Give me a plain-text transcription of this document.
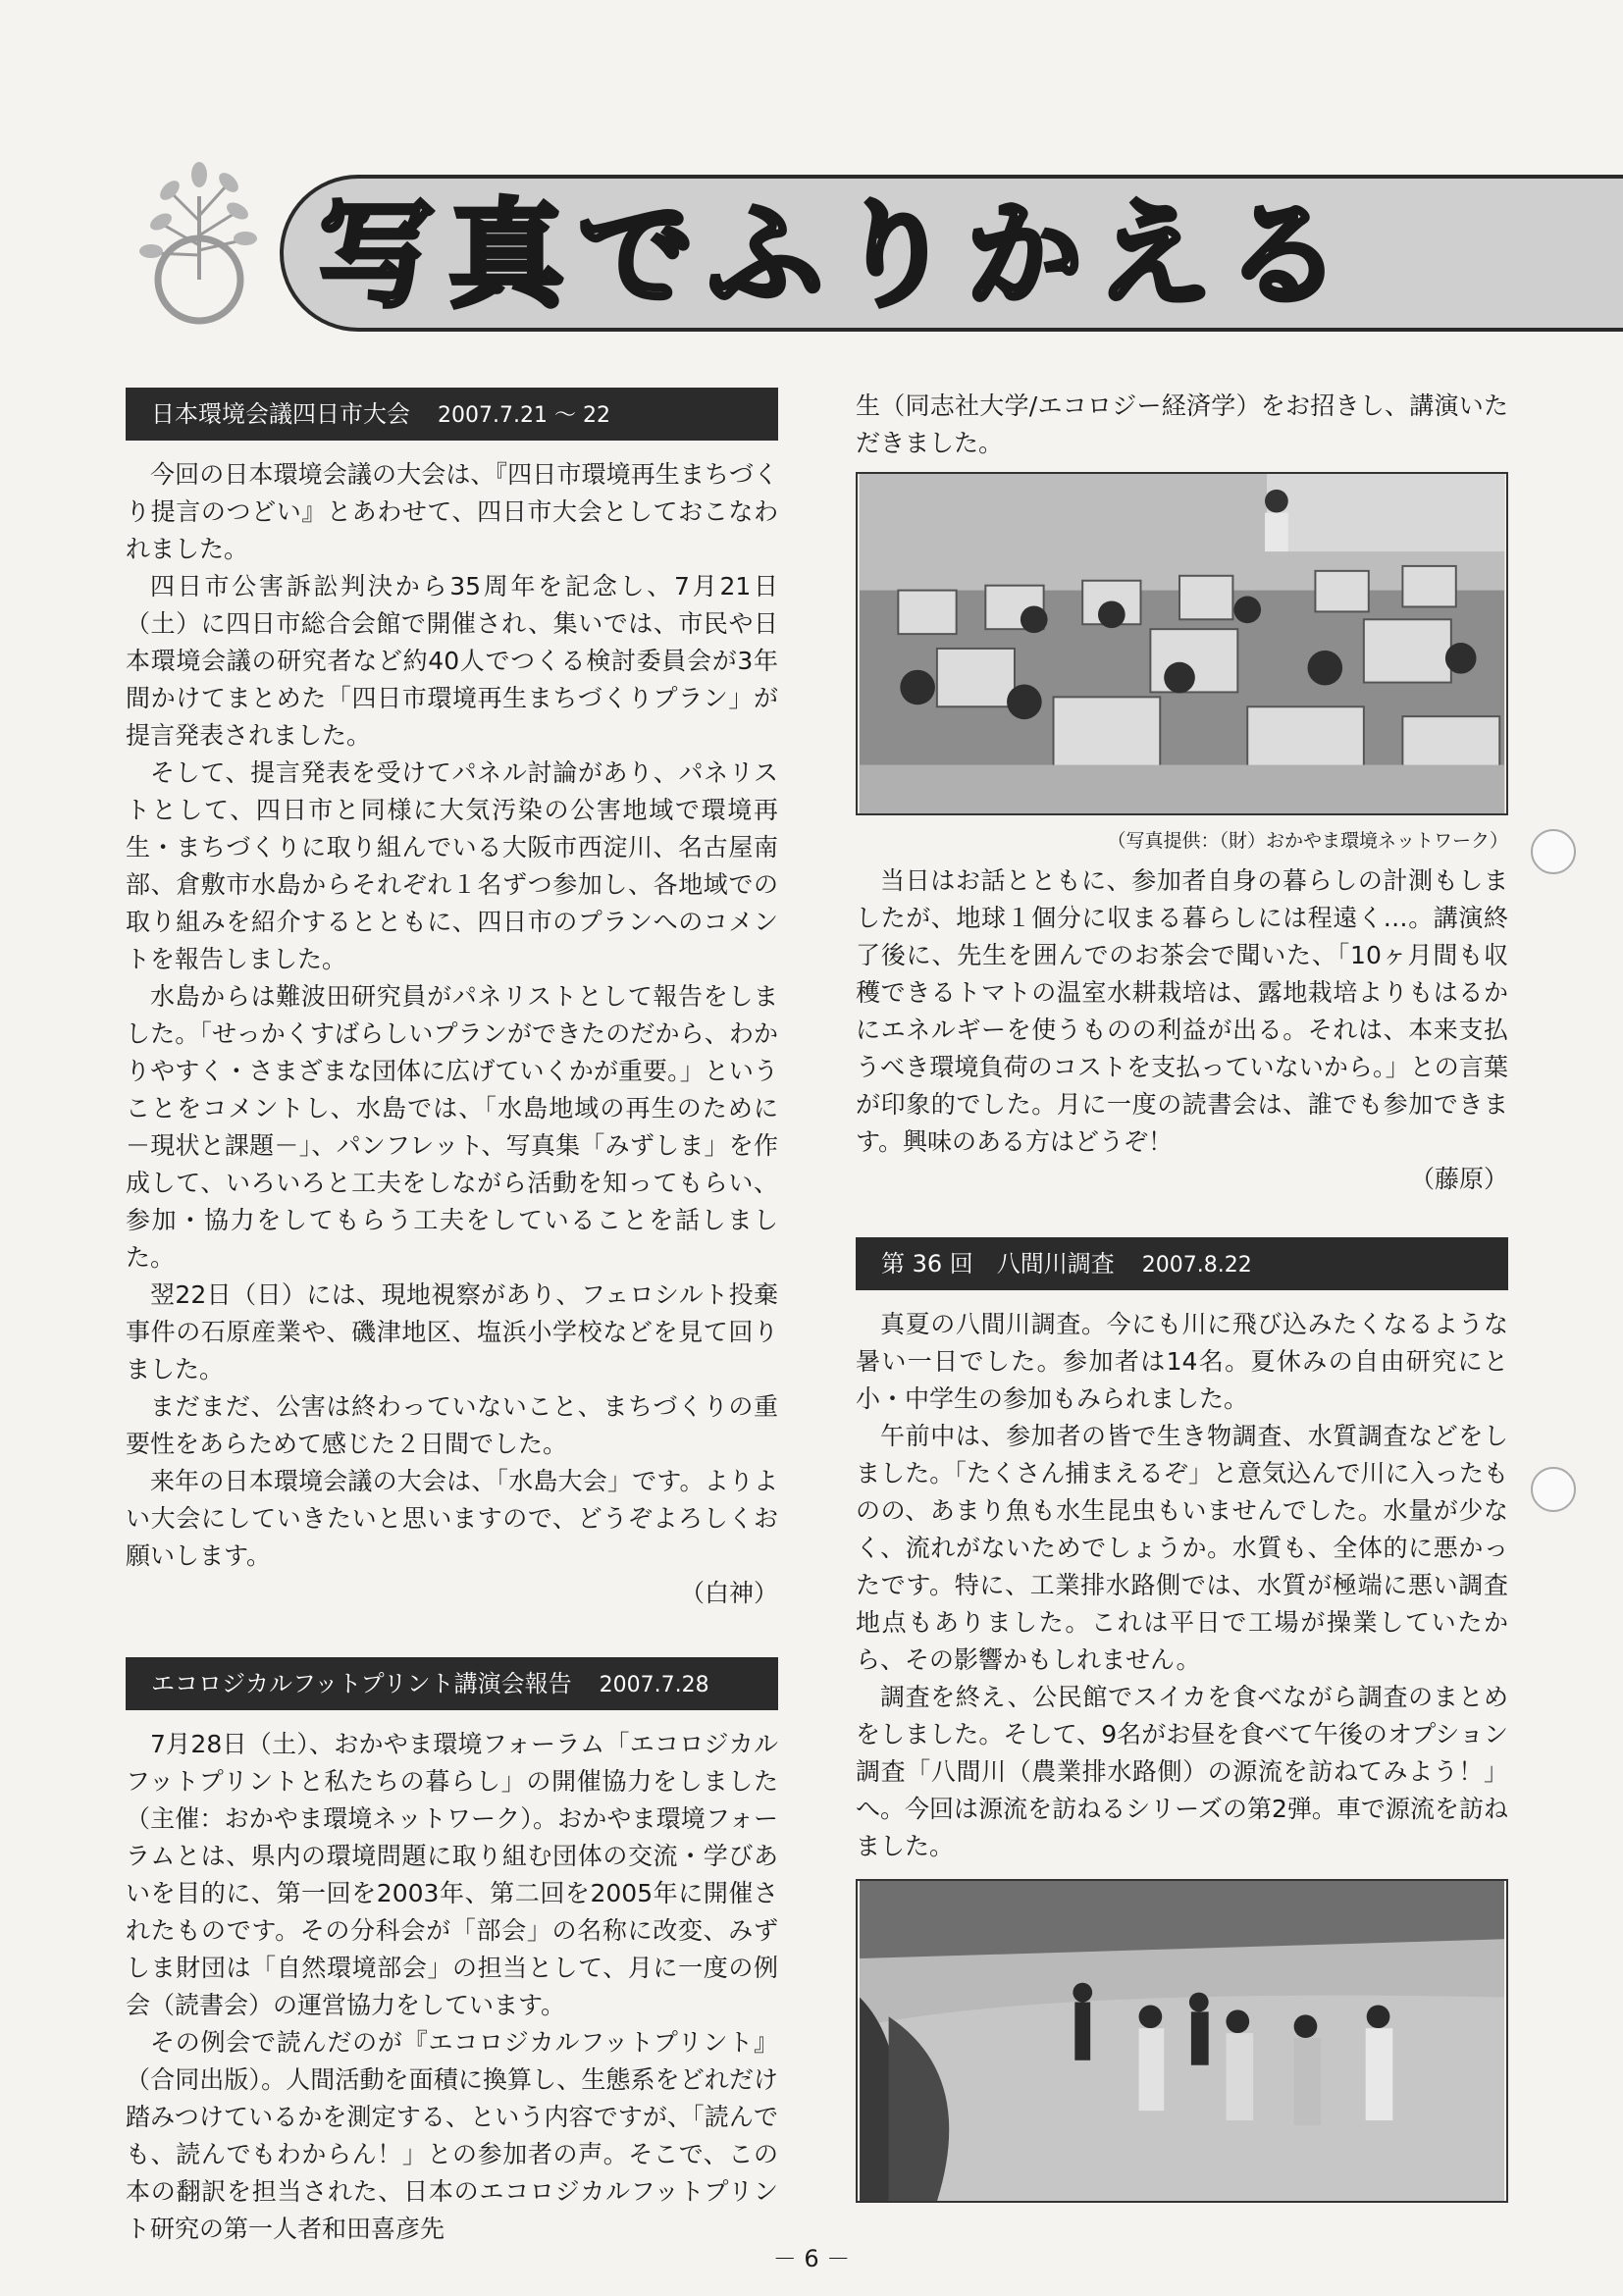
写真でふりかえる
日本環境会議四日市大会 2007.7.21 ～ 22

今回の日本環境会議の大会は、『四日市環境再生まちづくり提言のつどい』とあわせて、四日市大会としておこなわれました。

四日市公害訴訟判決から35周年を記念し、7月21日（土）に四日市総合会館で開催され、集いでは、市民や日本環境会議の研究者など約40人でつくる検討委員会が3年間かけてまとめた「四日市環境再生まちづくりプラン」が提言発表されました。

そして、提言発表を受けてパネル討論があり、パネリストとして、四日市と同様に大気汚染の公害地域で環境再生・まちづくりに取り組んでいる大阪市西淀川、名古屋南部、倉敷市水島からそれぞれ１名ずつ参加し、各地域での取り組みを紹介するとともに、四日市のプランへのコメントを報告しました。

水島からは難波田研究員がパネリストとして報告をしました。「せっかくすばらしいプランができたのだから、わかりやすく・さまざまな団体に広げていくかが重要。」ということをコメントし、水島では、「水島地域の再生のために　－現状と課題－」、パンフレット、写真集「みずしま」を作成して、いろいろと工夫をしながら活動を知ってもらい、参加・協力をしてもらう工夫をしていることを話しました。

翌22日（日）には、現地視察があり、フェロシルト投棄事件の石原産業や、磯津地区、塩浜小学校などを見て回りました。

まだまだ、公害は終わっていないこと、まちづくりの重要性をあらためて感じた２日間でした。

来年の日本環境会議の大会は、「水島大会」です。よりよい大会にしていきたいと思いますので、どうぞよろしくお願いします。

（白神）

エコロジカルフットプリント講演会報告 2007.7.28

7月28日（土）、おかやま環境フォーラム「エコロジカルフットプリントと私たちの暮らし」の開催協力をしました（主催：おかやま環境ネットワーク）。おかやま環境フォーラムとは、県内の環境問題に取り組む団体の交流・学びあいを目的に、第一回を2003年、第二回を2005年に開催されたものです。その分科会が「部会」の名称に改変、みずしま財団は「自然環境部会」の担当として、月に一度の例会（読書会）の運営協力をしています。

その例会で読んだのが『エコロジカルフットプリント』（合同出版）。人間活動を面積に換算し、生態系をどれだけ踏みつけているかを測定する、という内容ですが、「読んでも、読んでもわからん！」との参加者の声。そこで、この本の翻訳を担当された、日本のエコロジカルフットプリント研究の第一人者和田喜彦先

生（同志社大学/エコロジー経済学）をお招きし、講演いただきました。

（写真提供：（財）おかやま環境ネットワーク）

当日はお話とともに、参加者自身の暮らしの計測もしましたが、地球１個分に収まる暮らしには程遠く…。講演終了後に、先生を囲んでのお茶会で聞いた、「10ヶ月間も収穫できるトマトの温室水耕栽培は、露地栽培よりもはるかにエネルギーを使うものの利益が出る。それは、本来支払うべき環境負荷のコストを支払っていないから。」との言葉が印象的でした。月に一度の読書会は、誰でも参加できます。興味のある方はどうぞ！

（藤原）

第 36 回　八間川調査 2007.8.22

真夏の八間川調査。今にも川に飛び込みたくなるような暑い一日でした。参加者は14名。夏休みの自由研究にと小・中学生の参加もみられました。

午前中は、参加者の皆で生き物調査、水質調査などをしました。「たくさん捕まえるぞ」と意気込んで川に入ったものの、あまり魚も水生昆虫もいませんでした。水量が少なく、流れがないためでしょうか。水質も、全体的に悪かったです。特に、工業排水路側では、水質が極端に悪い調査地点もありました。これは平日で工場が操業していたから、その影響かもしれません。

調査を終え、公民館でスイカを食べながら調査のまとめをしました。そして、9名がお昼を食べて午後のオプション調査「八間川（農業排水路側）の源流を訪ねてみよう！」へ。今回は源流を訪ねるシリーズの第2弾。車で源流を訪ねました。

－ 6 －
